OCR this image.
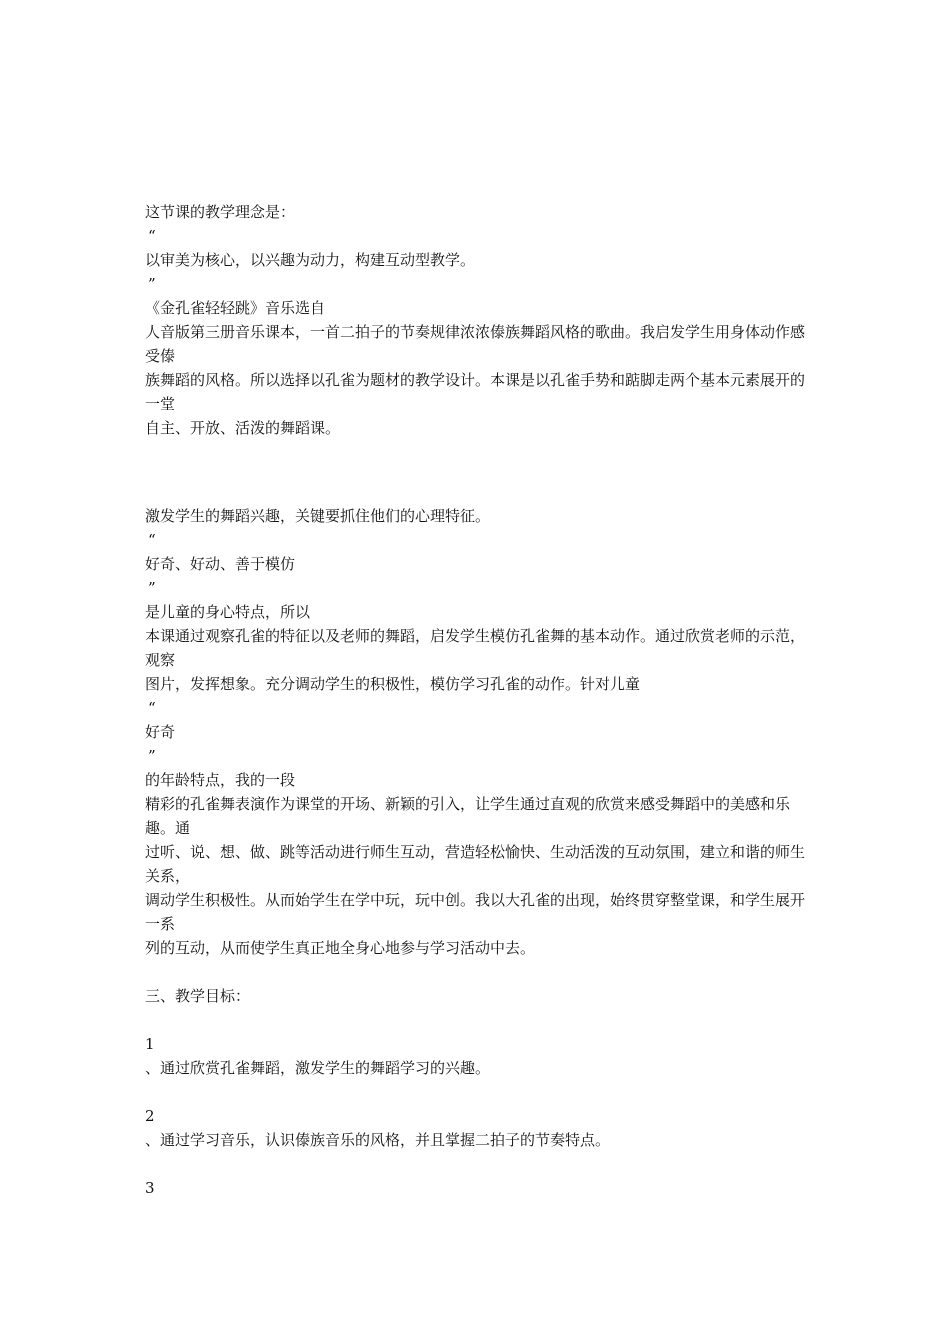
这节课的教学理念是：
“
以审美为核心，以兴趣为动力，构建互动型教学。
”
《金孔雀轻轻跳》音乐选自
人音版第三册音乐课本，一首二拍子的节奏规律浓浓傣族舞蹈风格的歌曲。我启发学生用身体动作感受傣
族舞蹈的风格。所以选择以孔雀为题材的教学设计。本课是以孔雀手势和踮脚走两个基本元素展开的一堂
自主、开放、活泼的舞蹈课。
激发学生的舞蹈兴趣，关键要抓住他们的心理特征。
“
好奇、好动、善于模仿
”
是儿童的身心特点，所以
本课通过观察孔雀的特征以及老师的舞蹈，启发学生模仿孔雀舞的基本动作。通过欣赏老师的示范，观察
图片，发挥想象。充分调动学生的积极性，模仿学习孔雀的动作。针对儿童
“
好奇
”
的年龄特点，我的一段
精彩的孔雀舞表演作为课堂的开场、新颖的引入，让学生通过直观的欣赏来感受舞蹈中的美感和乐趣。通
过听、说、想、做、跳等活动进行师生互动，营造轻松愉快、生动活泼的互动氛围，建立和谐的师生关系，
调动学生积极性。从而始学生在学中玩，玩中创。我以大孔雀的出现，始终贯穿整堂课，和学生展开一系
列的互动，从而使学生真正地全身心地参与学习活动中去。
三、教学目标：
1
、通过欣赏孔雀舞蹈，激发学生的舞蹈学习的兴趣。
2
、通过学习音乐，认识傣族音乐的风格，并且掌握二拍子的节奏特点。
3
